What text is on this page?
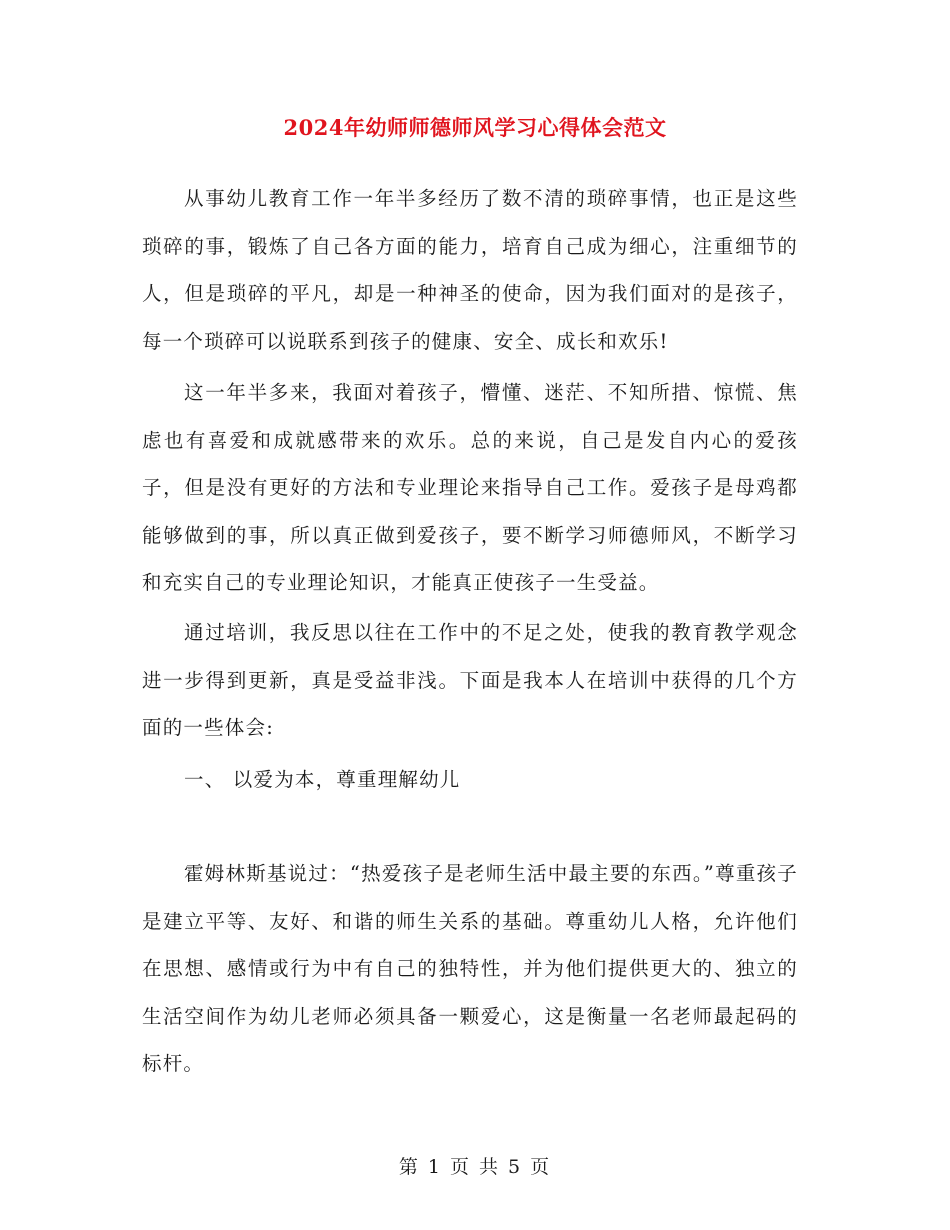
2024年幼师师德师风学习心得体会范文

从事幼儿教育工作一年半多经历了数不清的琐碎事情，也正是这些琐碎的事，锻炼了自己各方面的能力，培育自己成为细心，注重细节的人，但是琐碎的平凡，却是一种神圣的使命，因为我们面对的是孩子，每一个琐碎可以说联系到孩子的健康、安全、成长和欢乐!

这一年半多来，我面对着孩子，懵懂、迷茫、不知所措、惊慌、焦虑也有喜爱和成就感带来的欢乐。总的来说，自己是发自内心的爱孩子，但是没有更好的方法和专业理论来指导自己工作。爱孩子是母鸡都能够做到的事，所以真正做到爱孩子，要不断学习师德师风，不断学习和充实自己的专业理论知识，才能真正使孩子一生受益。

通过培训，我反思以往在工作中的不足之处，使我的教育教学观念进一步得到更新，真是受益非浅。下面是我本人在培训中获得的几个方面的一些体会:

一、 以爱为本，尊重理解幼儿

霍姆林斯基说过：“热爱孩子是老师生活中最主要的东西。”尊重孩子是建立平等、友好、和谐的师生关系的基础。尊重幼儿人格，允许他们在思想、感情或行为中有自己的独特性，并为他们提供更大的、独立的生活空间作为幼儿老师必须具备一颗爱心，这是衡量一名老师最起码的标杆。

第 1 页 共 5 页
